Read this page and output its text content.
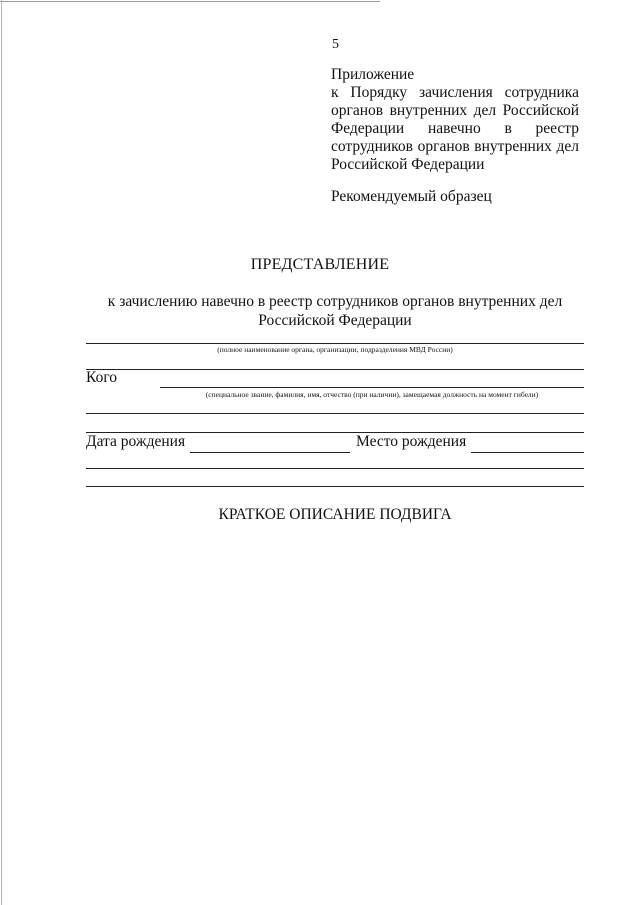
5
Приложение
к Порядку зачисления сотрудника
органов внутренних дел Российской
Федерации навечно в реестр
сотрудников органов внутренних дел
Российской Федерации
Рекомендуемый образец
ПРЕДСТАВЛЕНИЕ
к зачислению навечно в реестр сотрудников органов внутренних дел Российской Федерации
(полное наименование органа, организации, подразделения МВД России)
Кого
(специальное звание, фамилия, имя, отчество (при наличии), замещаемая должность на момент гибели)
Дата рождения	Место рождения
КРАТКОЕ ОПИСАНИЕ ПОДВИГА
